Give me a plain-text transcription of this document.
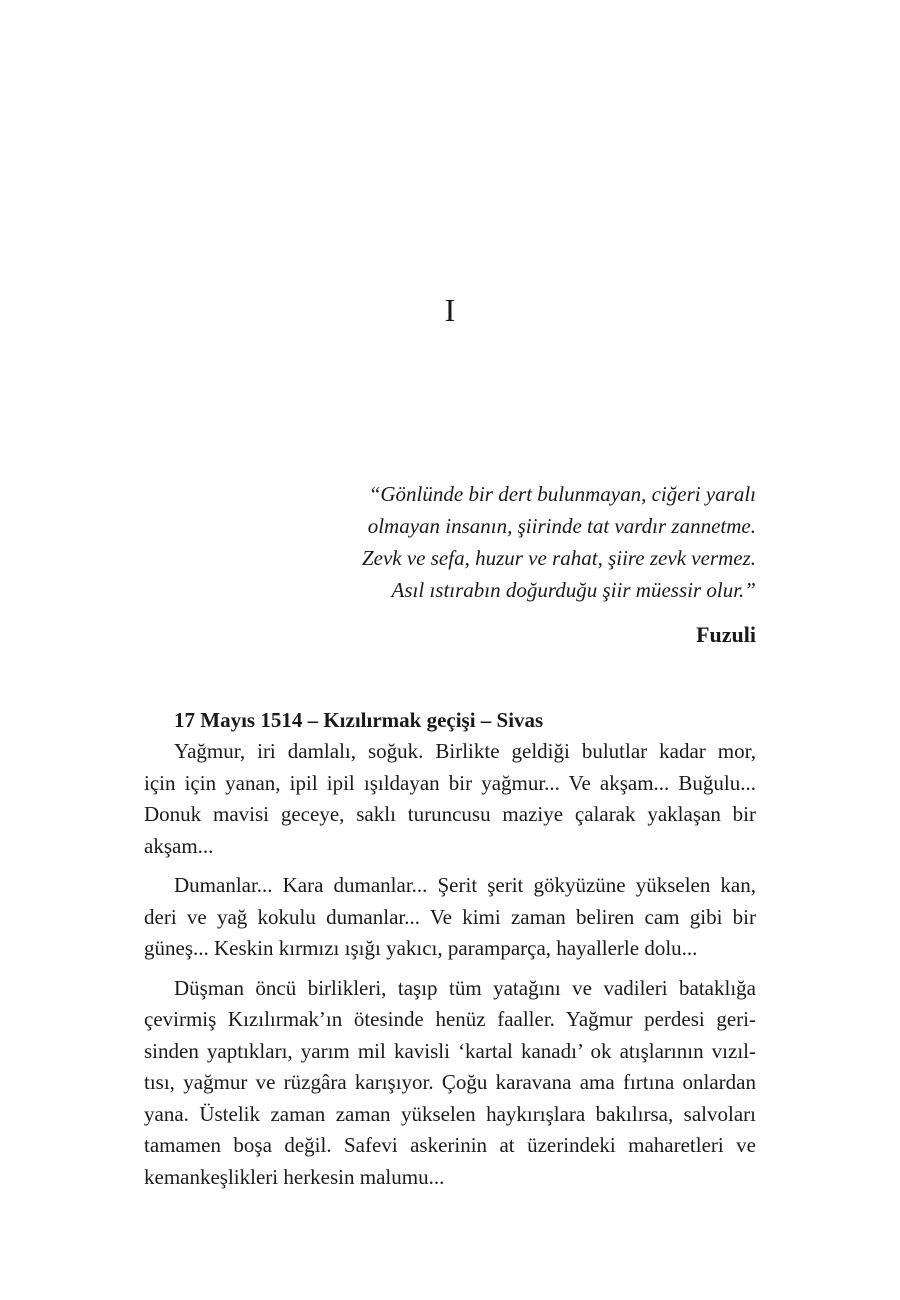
I
“Gönlünde bir dert bulunmayan, ciğeri yaralı
olmayan insanın, şiirinde tat vardır zannetme.
Zevk ve sefa, huzur ve rahat, şiire zevk vermez.
Asıl ıstırabın doğurduğu şiir müessir olur.”
Fuzuli
17 Mayıs 1514 – Kızılırmak geçişi – Sivas
Yağmur, iri damlalı, soğuk. Birlikte geldiği bulutlar kadar mor,
için için yanan, ipil ipil ışıldayan bir yağmur... Ve akşam... Buğulu...
Donuk mavisi geceye, saklı turuncusu maziye çalarak yaklaşan bir
akşam...
Dumanlar... Kara dumanlar... Şerit şerit gökyüzüne yükselen kan,
deri ve yağ kokulu dumanlar... Ve kimi zaman beliren cam gibi bir
güneş... Keskin kırmızı ışığı yakıcı, paramparça, hayallerle dolu...
Düşman öncü birlikleri, taşıp tüm yatağını ve vadileri bataklığa
çevirmiş Kızılırmak’ın ötesinde henüz faaller. Yağmur perdesi geri-
sinden yaptıkları, yarım mil kavisli ‘kartal kanadı’ ok atışlarının vızıl-
tısı, yağmur ve rüzgâra karışıyor. Çoğu karavana ama fırtına onlardan
yana. Üstelik zaman zaman yükselen haykırışlara bakılırsa, salvoları
tamamen boşa değil. Safevi askerinin at üzerindeki maharetleri ve
kemankeşlikleri herkesin malumu...
